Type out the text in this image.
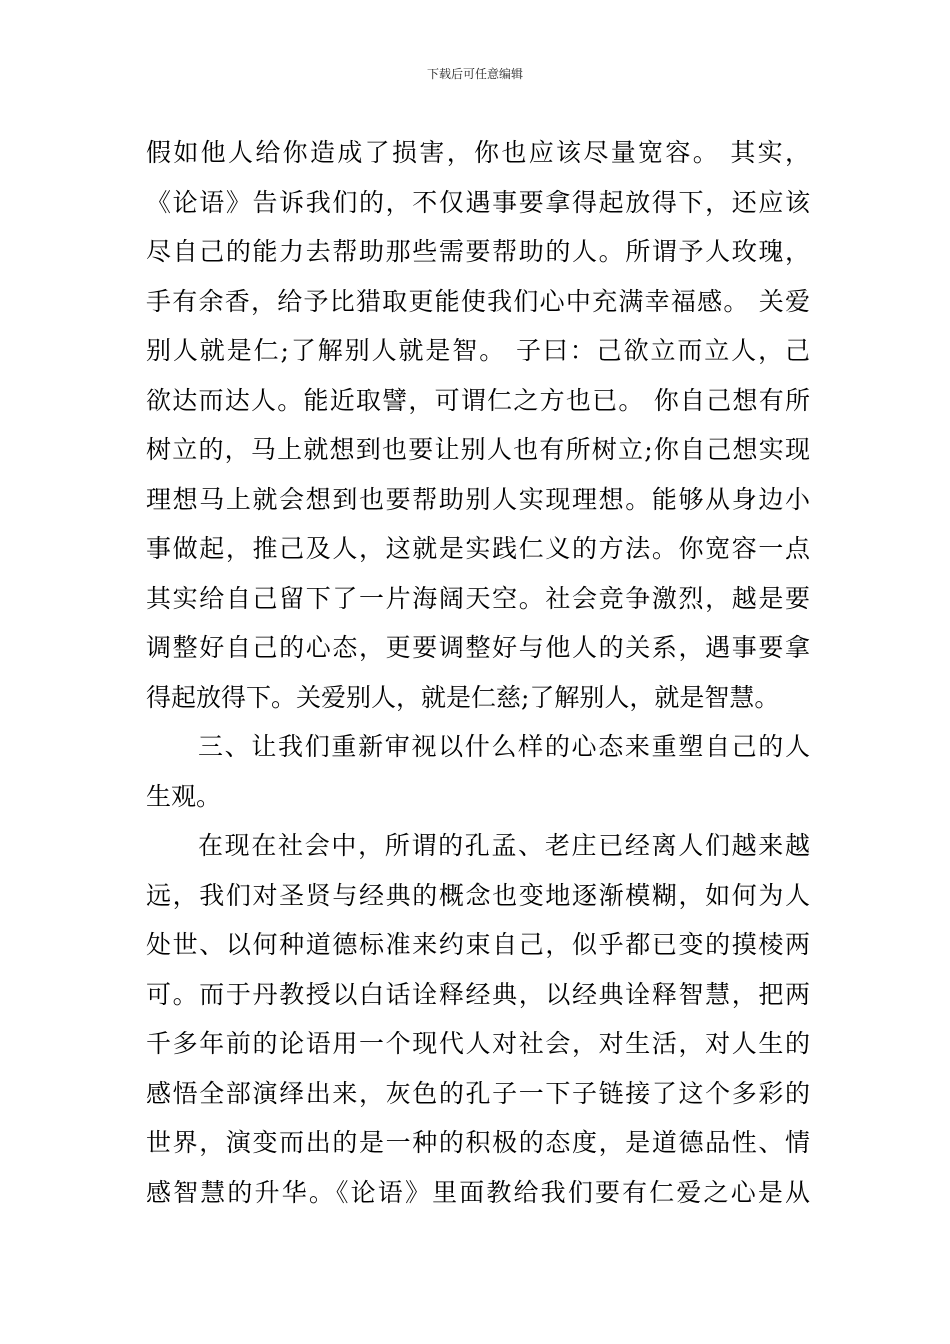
下载后可任意编辑
假如他人给你造成了损害，你也应该尽量宽容。 其实，
《论语》告诉我们的，不仅遇事要拿得起放得下，还应该
尽自己的能力去帮助那些需要帮助的人。所谓予人玫瑰，
手有余香，给予比猎取更能使我们心中充满幸福感。 关爱
别人就是仁;了解别人就是智。 子曰：己欲立而立人，己
欲达而达人。能近取譬，可谓仁之方也已。 你自己想有所
树立的，马上就想到也要让别人也有所树立;你自己想实现
理想马上就会想到也要帮助别人实现理想。能够从身边小
事做起，推己及人，这就是实践仁义的方法。你宽容一点
其实给自己留下了一片海阔天空。社会竞争激烈，越是要
调整好自己的心态，更要调整好与他人的关系，遇事要拿
得起放得下。关爱别人，就是仁慈;了解别人，就是智慧。
三、让我们重新审视以什么样的心态来重塑自己的人
生观。
在现在社会中，所谓的孔孟、老庄已经离人们越来越
远，我们对圣贤与经典的概念也变地逐渐模糊，如何为人
处世、以何种道德标准来约束自己，似乎都已变的摸棱两
可。而于丹教授以白话诠释经典，以经典诠释智慧，把两
千多年前的论语用一个现代人对社会，对生活，对人生的
感悟全部演绎出来，灰色的孔子一下子链接了这个多彩的
世界，演变而出的是一种的积极的态度，是道德品性、情
感智慧的升华。《论语》里面教给我们要有仁爱之心是从
